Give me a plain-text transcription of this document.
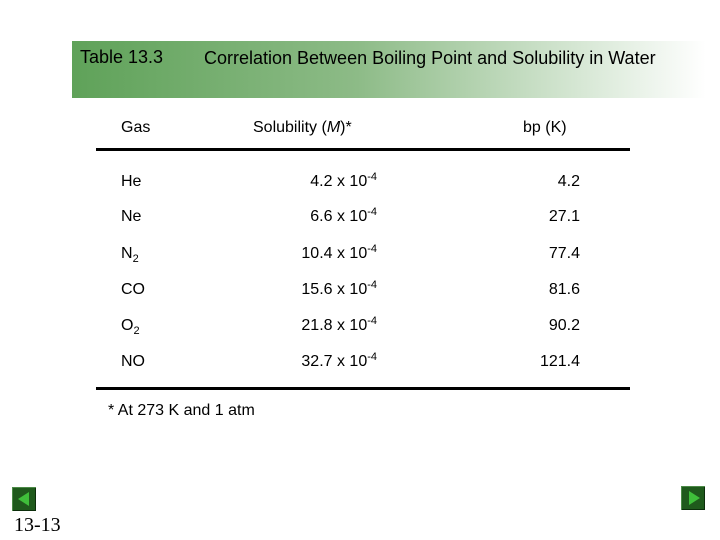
Table 13.3 Correlation Between Boiling Point and Solubility in Water
Gas	Solubility (M)*	bp (K)
He	4.2 x $10^{-4}$	4.2
Ne	6.6 x $10^{-4}$	27.1
$N_2$	10.4 x $10^{-4}$	77.4
CO	15.6 x $10^{-4}$	81.6
$O_2$	21.8 x $10^{-4}$	90.2
NO	32.7 x $10^{-4}$	121.4
* At 273 K and 1 atm
13-13
